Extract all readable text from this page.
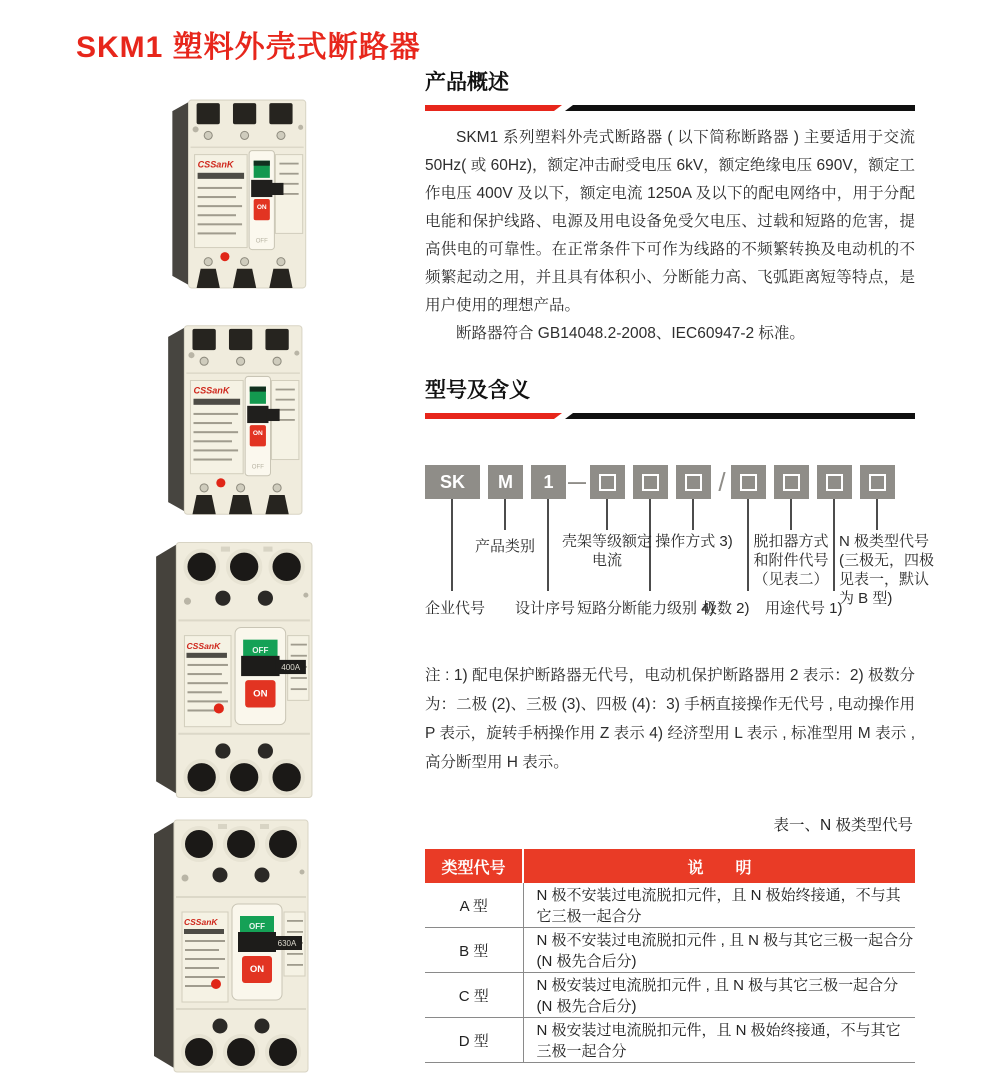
SKM1 塑料外壳式断路器
CSSanK
ON
OFF
CSSanK
ON
OFF
CSSanK	OFF
400A
ON
CSSanK	OFF
630A
ON
产品概述

SKM1 系列塑料外壳式断路器 ( 以下简称断路器 ) 主要适用于交流 50Hz( 或 60Hz)，额定冲击耐受电压 6kV，额定绝缘电压 690V，额定工作电压 400V 及以下，额定电流 1250A 及以下的配电网络中，用于分配电能和保护线路、电源及用电设备免受欠电压、过载和短路的危害，提高供电的可靠性。在正常条件下可作为线路的不频繁转换及电动机的不频繁起动之用，并且具有体积小、分断能力高、飞弧距离短等特点，是用户使用的理想产品。

断路器符合 GB14048.2-2008、IEC60947-2 标准。

型号及含义
SK	M	1 —	/
产品类别	壳架等级额定电流
操作方式 3)	脱扣器方式和附件代号（见表二）
N 极类型代号 (三极无，四极见表一，默认为 B 型)
企业代号 设计序号 短路分断能力级别 4)
极数 2) 用途代号 1)

注 : 1) 配电保护断路器无代号，电动机保护断路器用 2 表示：2) 极数分为：二极 (2)、三极 (3)、四极 (4)：3) 手柄直接操作无代号 , 电动操作用 P 表示，旋转手柄操作用 Z 表示 4) 经济型用 L 表示 , 标准型用 M 表示 , 高分断型用 H 表示。

表一、N 极类型代号
类型代号	说　　明
A 型	N 极不安装过电流脱扣元件，且 N 极始终接通，不与其它三极一起合分
B 型	N 极不安装过电流脱扣元件 , 且 N 极与其它三极一起合分 (N 极先合后分)
C 型	N 极安装过电流脱扣元件 , 且 N 极与其它三极一起合分 (N 极先合后分)
D 型	N 极安装过电流脱扣元件，且 N 极始终接通，不与其它三极一起合分
